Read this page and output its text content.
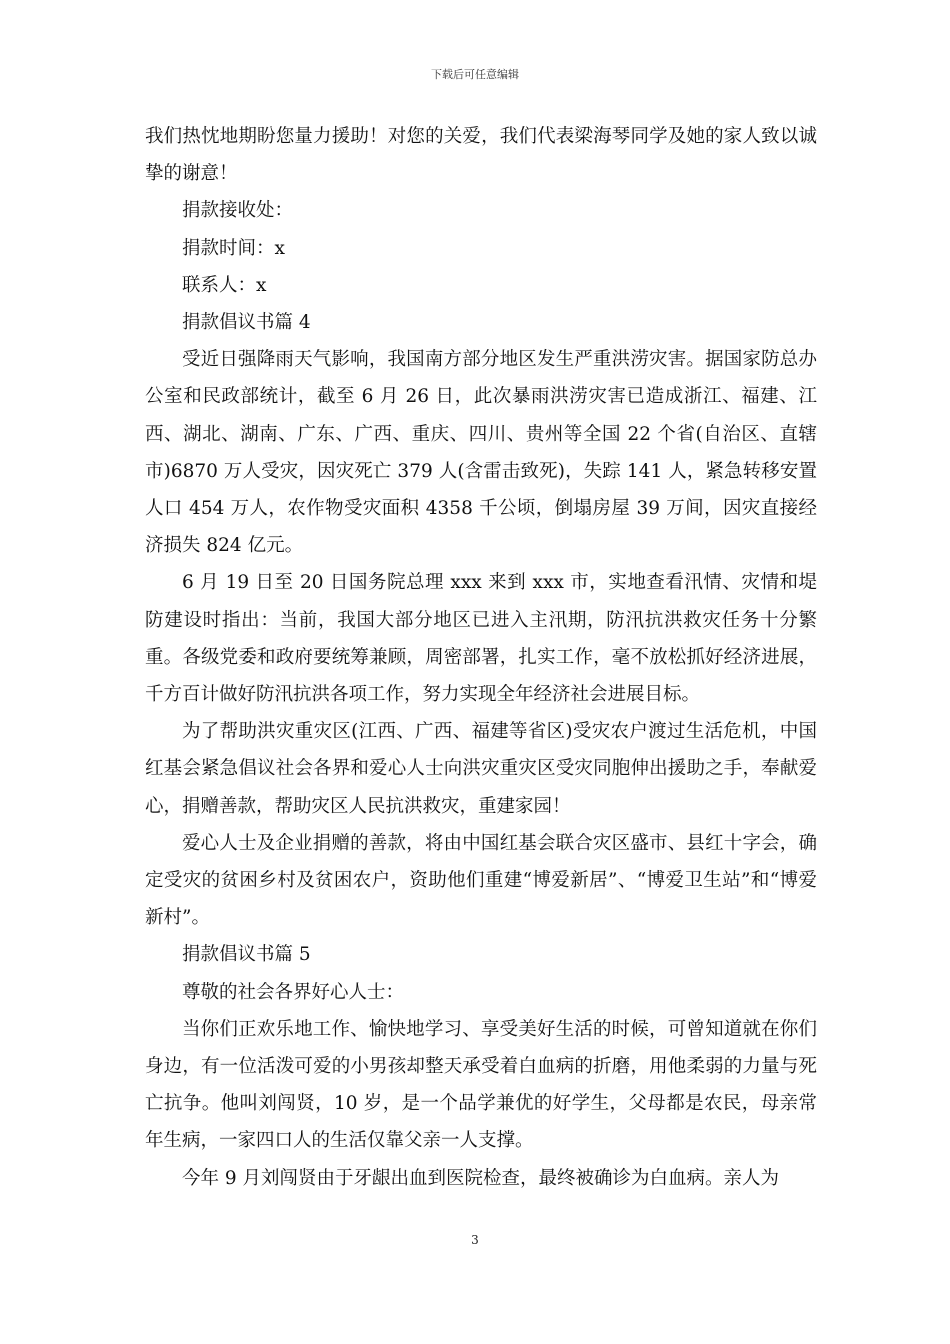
下载后可任意编辑

我们热忱地期盼您量力援助！对您的关爱，我们代表梁海琴同学及她的家人致以诚挚的谢意！

捐款接收处：

捐款时间：x

联系人：x

捐款倡议书篇 4

受近日强降雨天气影响，我国南方部分地区发生严重洪涝灾害。据国家防总办公室和民政部统计，截至 6 月 26 日，此次暴雨洪涝灾害已造成浙江、福建、江西、湖北、湖南、广东、广西、重庆、四川、贵州等全国 22 个省(自治区、直辖市)6870 万人受灾，因灾死亡 379 人(含雷击致死)，失踪 141 人，紧急转移安置人口 454 万人，农作物受灾面积 4358 千公顷，倒塌房屋 39 万间，因灾直接经济损失 824 亿元。

6 月 19 日至 20 日国务院总理 xxx 来到 xxx 市，实地查看汛情、灾情和堤防建设时指出：当前，我国大部分地区已进入主汛期，防汛抗洪救灾任务十分繁重。各级党委和政府要统筹兼顾，周密部署，扎实工作，毫不放松抓好经济进展，千方百计做好防汛抗洪各项工作，努力实现全年经济社会进展目标。

为了帮助洪灾重灾区(江西、广西、福建等省区)受灾农户渡过生活危机，中国红基会紧急倡议社会各界和爱心人士向洪灾重灾区受灾同胞伸出援助之手，奉献爱心，捐赠善款，帮助灾区人民抗洪救灾，重建家园！

爱心人士及企业捐赠的善款，将由中国红基会联合灾区盛市、县红十字会，确定受灾的贫困乡村及贫困农户，资助他们重建“博爱新居”、“博爱卫生站”和“博爱新村”。

捐款倡议书篇 5

尊敬的社会各界好心人士：

当你们正欢乐地工作、愉快地学习、享受美好生活的时候，可曾知道就在你们身边，有一位活泼可爱的小男孩却整天承受着白血病的折磨，用他柔弱的力量与死亡抗争。他叫刘闯贤，10 岁，是一个品学兼优的好学生，父母都是农民，母亲常年生病，一家四口人的生活仅靠父亲一人支撑。

今年 9 月刘闯贤由于牙龈出血到医院检查，最终被确诊为白血病。亲人为

3
